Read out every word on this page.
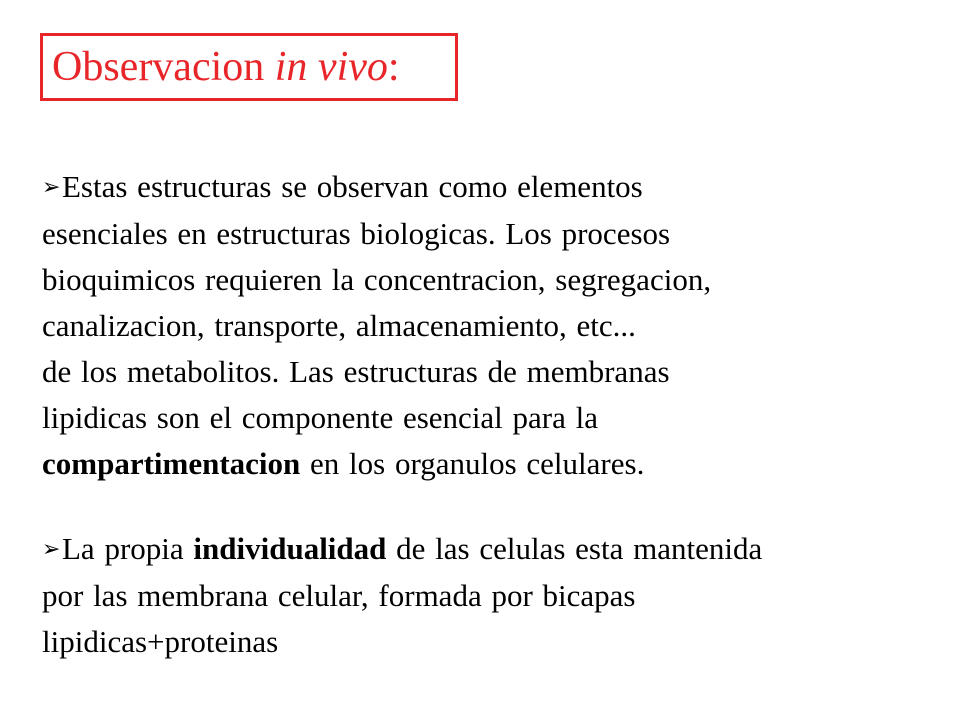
Observacion in vivo:
➢Estas estructuras se observan como elementos
esenciales en estructuras biologicas. Los procesos
bioquimicos requieren la concentracion, segregacion,
canalizacion, transporte, almacenamiento, etc...
de los metabolitos. Las estructuras de membranas
lipidicas son el componente esencial para la
compartimentacion en los organulos celulares.
➢La propia individualidad de las celulas esta mantenida
por las membrana celular, formada por bicapas
lipidicas+proteinas
